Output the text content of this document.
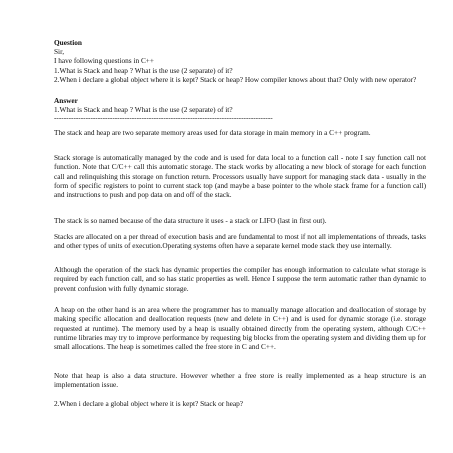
Question
Sir,
I have following questions in C++
1.What is Stack and heap ? What is the use (2 separate) of it?
2.When i declare a global object where it is kept? Stack or heap? How compiler knows about that? Only with new operator?
Answer
1.What is Stack and heap ? What is the use (2 separate) of it?
------------------------------------------------------------------------------------------
The stack and heap are two separate memory areas used for data storage in main memory in a C++ program.
Stack storage is automatically managed by the code and is used for data local to a function call - note I say function call not function. Note that C/C++ call this automatic storage. The stack works by allocating a new block of storage for each function call and relinquishing this storage on function return. Processors usually have support for managing stack data - usually in the form of specific registers to point to current stack top (and maybe a base pointer to the whole stack frame for a function call) and instructions to push and pop data on and off of the stack.
The stack is so named because of the data structure it uses - a stack or LIFO (last in first out).
Stacks are allocated on a per thread of execution basis and are fundamental to most if not all implementations of threads, tasks and other types of units of execution.Operating systems often have a separate kernel mode stack they use internally.
Although the operation of the stack has dynamic properties the compiler has enough information to calculate what storage is required by each function call, and so has static properties as well. Hence I suppose the term automatic rather than dynamic to prevent confusion with fully dynamic storage.
A heap on the other hand is an area where the programmer has to manually manage allocation and deallocation of storage by making specific allocation and deallocation requests (new and delete in C++) and is used for dynamic storage (i.e. storage requested at runtime). The memory used by a heap is usually obtained directly from the operating system, although C/C++ runtime libraries may try to improve performance by requesting big blocks from the operating system and dividing them up for small allocations. The heap is sometimes called the free store in C and C++.
Note that heap is also a data structure. However whether a free store is really implemented as a heap structure is an implementation issue.
2.When i declare a global object where it is kept? Stack or heap?
